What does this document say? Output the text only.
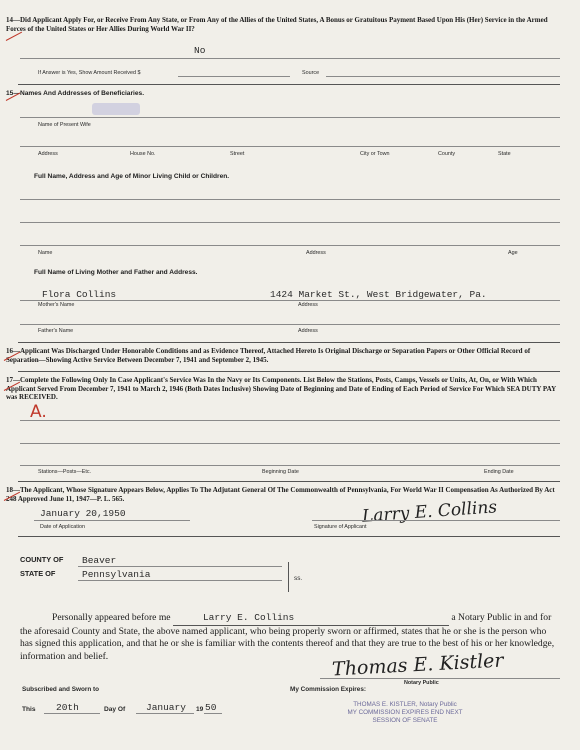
14—Did Applicant Apply For, or Receive From Any State, or From Any of the Allies of the United States, A Bonus or Gratuitous Payment Based Upon His (Her) Service in the Armed Forces of the United States or Her Allies During World War II?
No
If Answer is Yes, Show Amount Received $	Source
15—Names And Addresses of Beneficiaries.
Name of Present Wife
Address	House No.	Street	City or Town	County	State
Full Name, Address and Age of Minor Living Child or Children.
Name	Address	Age
Full Name of Living Mother and Father and Address.
Flora Collins	1424 Market St., West Bridgewater, Pa.
Mother's Name	Address
Father's Name	Address
16—Applicant Was Discharged Under Honorable Conditions and as Evidence Thereof, Attached Hereto Is Original Discharge or Separation Papers or Other Official Record of Separation—Showing Active Service Between December 7, 1941 and September 2, 1945.
17—Complete the Following Only In Case Applicant's Service Was In the Navy or Its Components. List Below the Stations, Posts, Camps, Vessels or Units, At, On, or With Which Applicant Served From December 7, 1941 to March 2, 1946 (Both Dates Inclusive) Showing Date of Beginning and Date of Ending of Each Period of Service For Which SEA DUTY PAY was RECEIVED.
A.
Stations—Posts—Etc.	Beginning Date	Ending Date
18—The Applicant, Whose Signature Appears Below, Applies To The Adjutant General Of The Commonwealth of Pennsylvania, For World War II Compensation As Authorized By Act 248 Approved June 11, 1947—P. L. 565.
January 20,1950
Date of Application
Larry E. Collins
Signature of Applicant
COUNTY OF Beaver
STATE OF	Pennsylvania	ss.
Personally appeared before me	Larry E. Collins	a Notary Public in and for the aforesaid County and State, the above named applicant, who being properly sworn or affirmed, states that he or she is the person who has signed this application, and that he or she is familiar with the contents thereof and that they are true to the best of his or her knowledge, information and belief.	Thomas E. Kistler
Notary Public
Subscribed and Sworn to	My Commission Expires:
This 20th	Day Of January 19 50	THOMAS E. KISTLER, Notary Public
MY COMMISSION EXPIRES END NEXT
SESSION OF SENATE
